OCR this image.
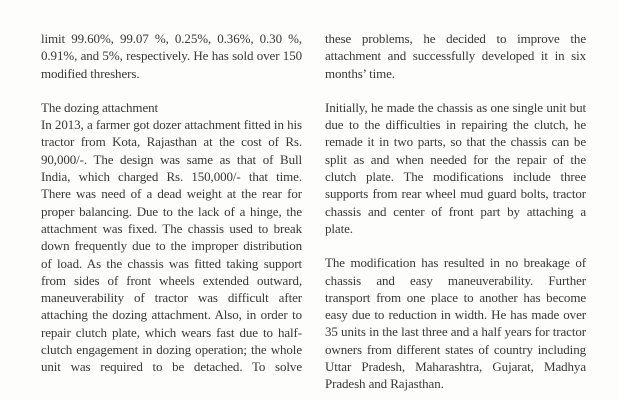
limit 99.60%, 99.07 %, 0.25%, 0.36%, 0.30 %, 0.91%, and 5%, respectively. He has sold over 150 modified threshers.

The dozing attachment

In 2013, a farmer got dozer attachment fitted in his tractor from Kota, Rajasthan at the cost of Rs. 90,000/-. The design was same as that of Bull India, which charged Rs. 150,000/- that time. There was need of a dead weight at the rear for proper balancing. Due to the lack of a hinge, the attachment was fixed. The chassis used to break down frequently due to the improper distribution of load. As the chassis was fitted taking support from sides of front wheels extended outward, maneuverability of tractor was difficult after attaching the dozing attachment. Also, in order to repair clutch plate, which wears fast due to half-clutch engagement in dozing operation; the whole unit was required to be detached. To solve

these problems, he decided to improve the attachment and successfully developed it in six months’ time.

Initially, he made the chassis as one single unit but due to the difficulties in repairing the clutch, he remade it in two parts, so that the chassis can be split as and when needed for the repair of the clutch plate. The modifications include three supports from rear wheel mud guard bolts, tractor chassis and center of front part by attaching a plate.

The modification has resulted in no breakage of chassis and easy maneuverability. Further transport from one place to another has become easy due to reduction in width. He has made over 35 units in the last three and a half years for tractor owners from different states of country including Uttar Pradesh, Maharashtra, Gujarat, Madhya Pradesh and Rajasthan.
